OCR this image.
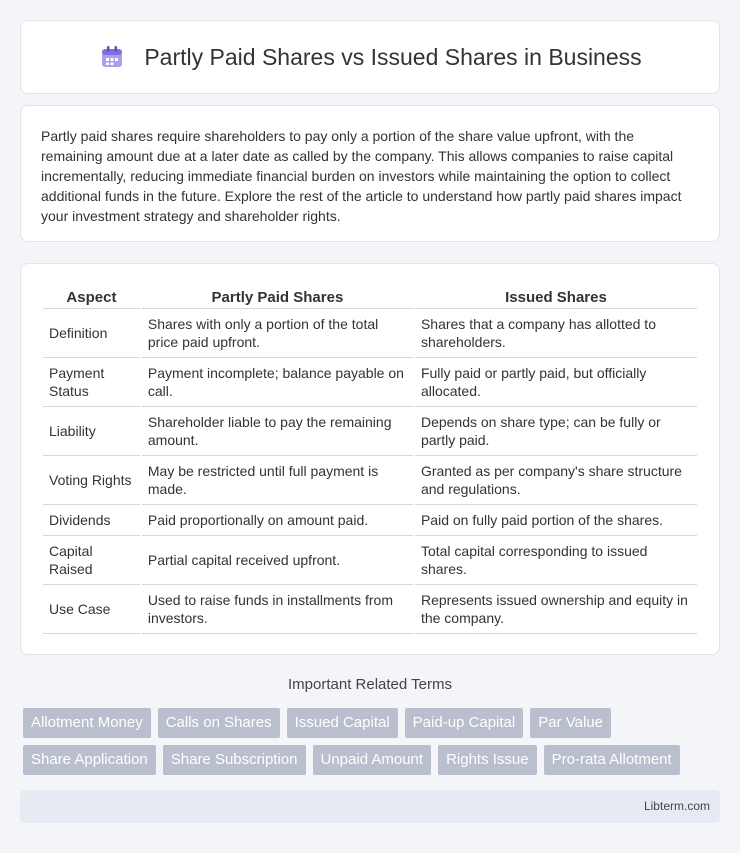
Partly Paid Shares vs Issued Shares in Business

Partly paid shares require shareholders to pay only a portion of the share value upfront, with the remaining amount due at a later date as called by the company. This allows companies to raise capital incrementally, reducing immediate financial burden on investors while maintaining the option to collect additional funds in the future. Explore the rest of the article to understand how partly paid shares impact your investment strategy and shareholder rights.

Aspect	Partly Paid Shares	Issued Shares
Definition	Shares with only a portion of the total price paid upfront.	Shares that a company has allotted to shareholders.
Payment Status	Payment incomplete; balance payable on call.	Fully paid or partly paid, but officially allocated.
Liability	Shareholder liable to pay the remaining amount.	Depends on share type; can be fully or partly paid.
Voting Rights	May be restricted until full payment is made.	Granted as per company's share structure and regulations.
Dividends	Paid proportionally on amount paid.	Paid on fully paid portion of the shares.
Capital Raised	Partial capital received upfront.	Total capital corresponding to issued shares.
Use Case	Used to raise funds in installments from investors.	Represents issued ownership and equity in the company.
Important Related Terms
Allotment Money	Calls on Shares	Issued Capital	Paid-up Capital	Par Value
Share Application	Share Subscription	Unpaid Amount	Rights Issue	Pro-rata Allotment
Libterm.com
